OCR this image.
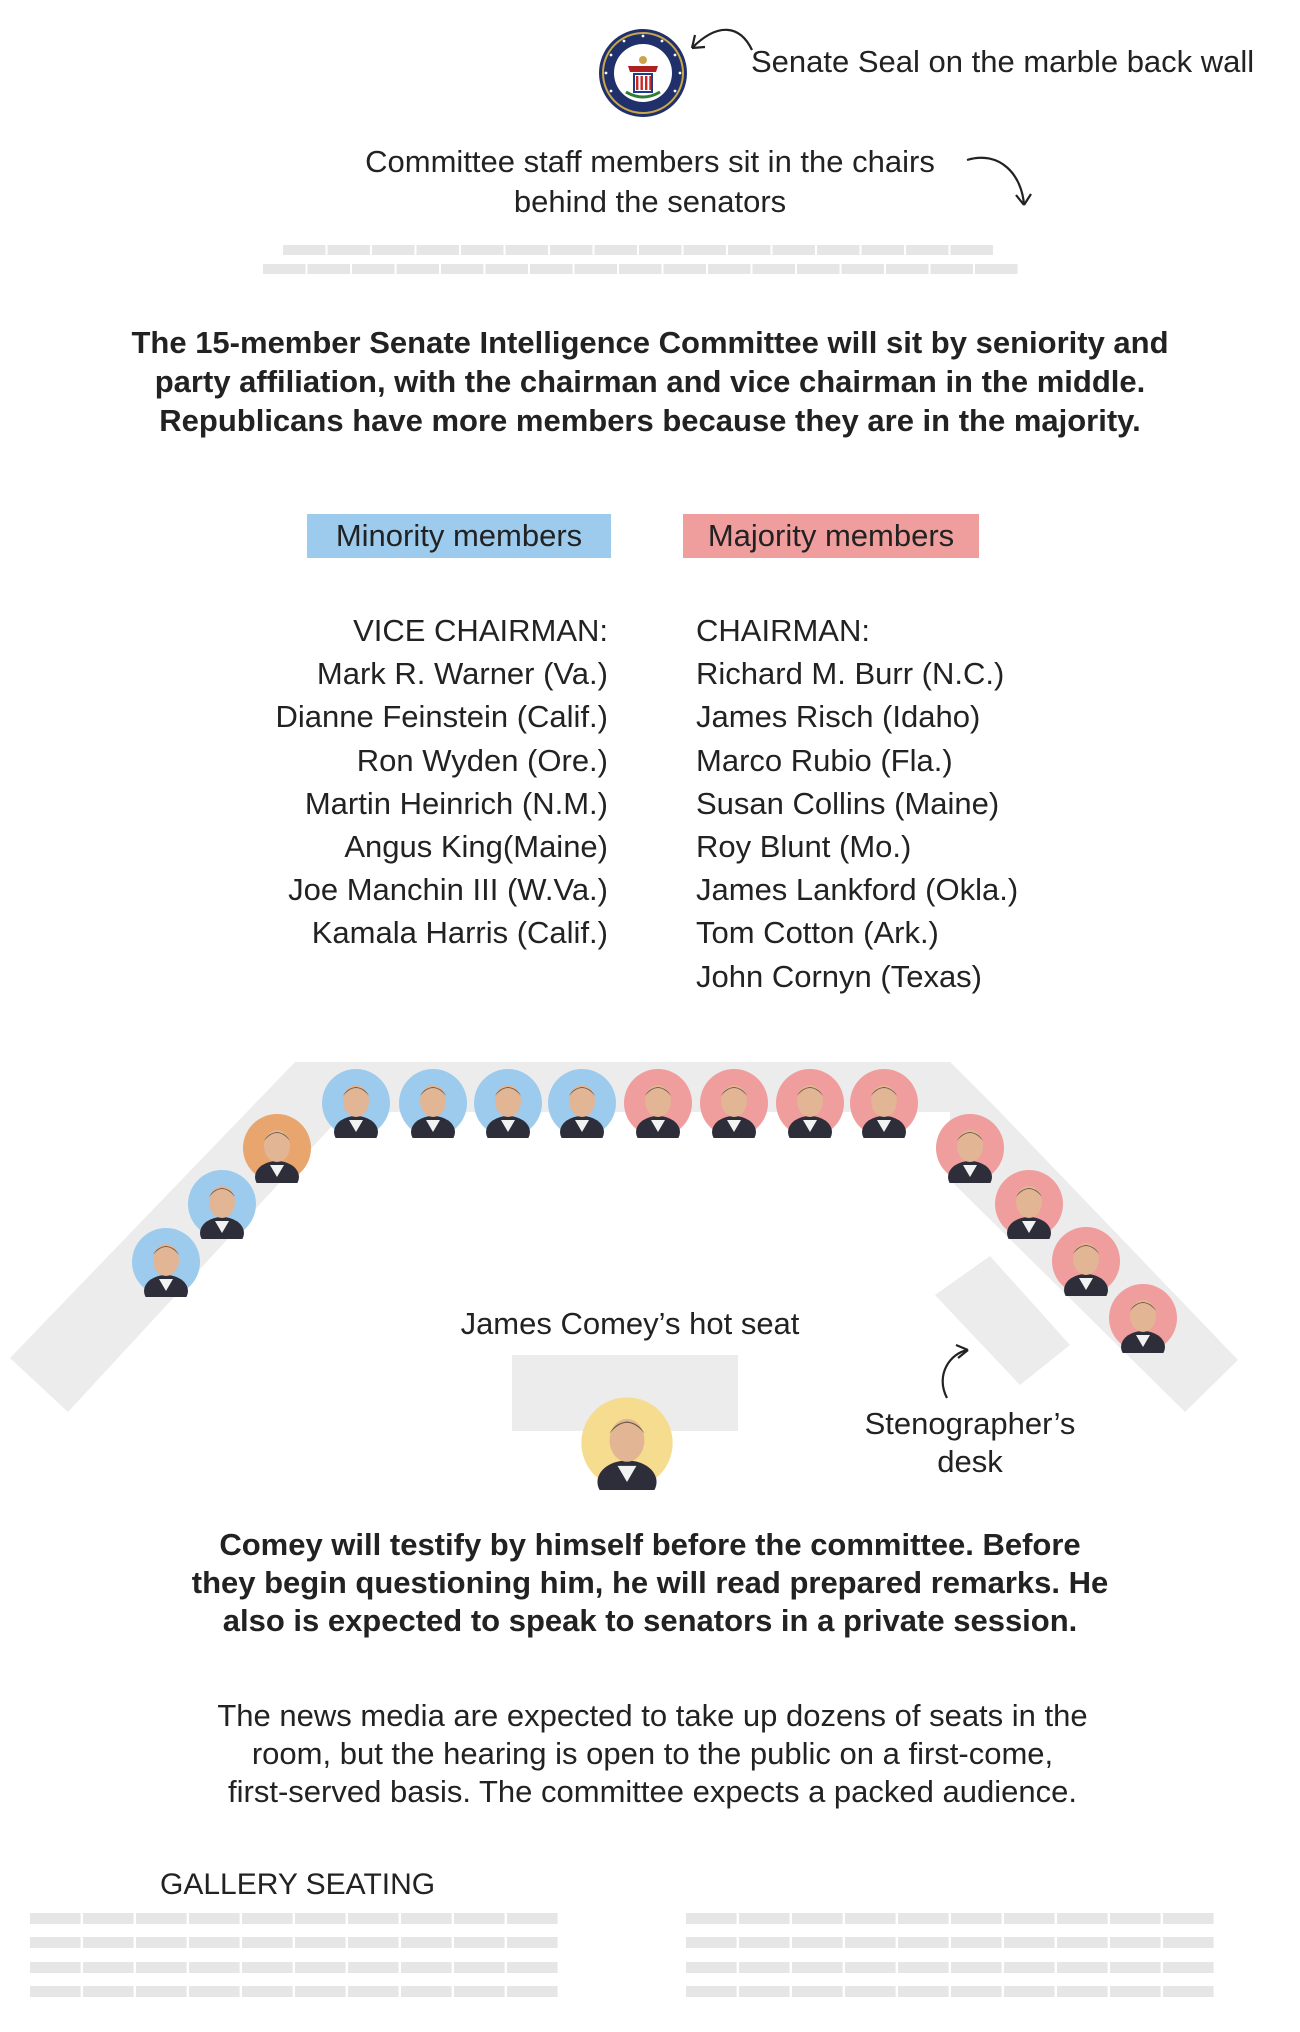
Senate Seal on the marble back wall
Committee staff members sit in the chairs
behind the senators
The 15-member Senate Intelligence Committee will sit by seniority and
party affiliation, with the chairman and vice chairman in the middle.
Republicans have more members because they are in the majority.
Minority members	Majority members
VICE CHAIRMAN:
Mark R. Warner (Va.)
Dianne Feinstein (Calif.)
Ron Wyden (Ore.)
Martin Heinrich (N.M.)
Angus King(Maine)
Joe Manchin III (W.Va.)
Kamala Harris (Calif.)
CHAIRMAN:
Richard M. Burr (N.C.)
James Risch (Idaho)
Marco Rubio (Fla.)
Susan Collins (Maine)
Roy Blunt (Mo.)
James Lankford (Okla.)
Tom Cotton (Ark.)
John Cornyn (Texas)
James Comey’s hot seat
Stenographer’s
desk
Comey will testify by himself before the committee. Before
they begin questioning him, he will read prepared remarks. He
also is expected to speak to senators in a private session.
The news media are expected to take up dozens of seats in the
room, but the hearing is open to the public on a first-come,
first-served basis. The committee expects a packed audience.
GALLERY SEATING
